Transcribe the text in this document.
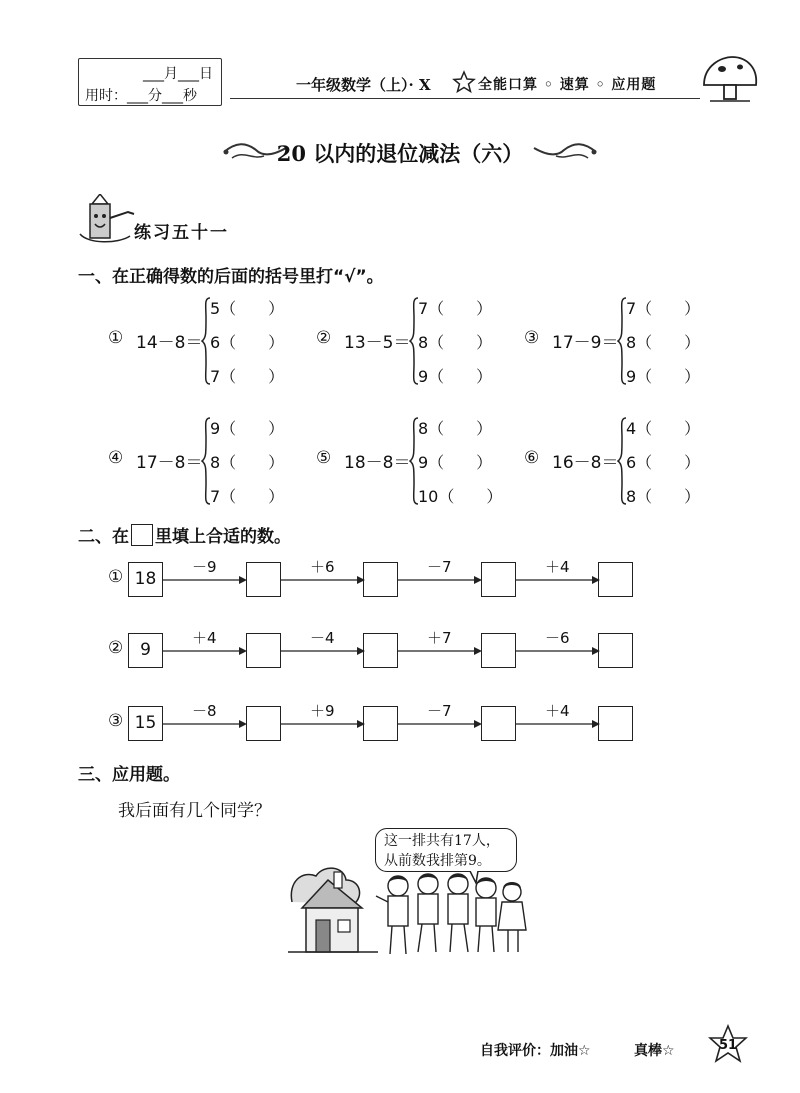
___月___日
用时：___分___秒
一年级数学（上）· X	全能口算 ◦ 速算 ◦ 应用题
20 以内的退位减法（六）
练习五十一
一、在正确得数的后面的括号里打“√”。
① 14－8＝
5（　　）
6（　　）
7（　　）
② 13－5＝
7（　　）
8（　　）
9（　　）
③ 17－9＝
7（　　）
8（　　）
9（　　）
④ 17－8＝
9（　　）
8（　　）
7（　　）
⑤ 18－8＝
8（　　）
9（　　）
10（　　）
⑥ 16－8＝
4（　　）
6（　　）
8（　　）
二、在 里填上合适的数。
① 18
－9	＋6	－7	＋4
② 9
＋4	－4	＋7	－6
③ 15
－8	＋9	－7	＋4
三、应用题。
我后面有几个同学？
这一排共有17人，
从前数我排第9。
自我评价：加油☆	真棒☆	51
